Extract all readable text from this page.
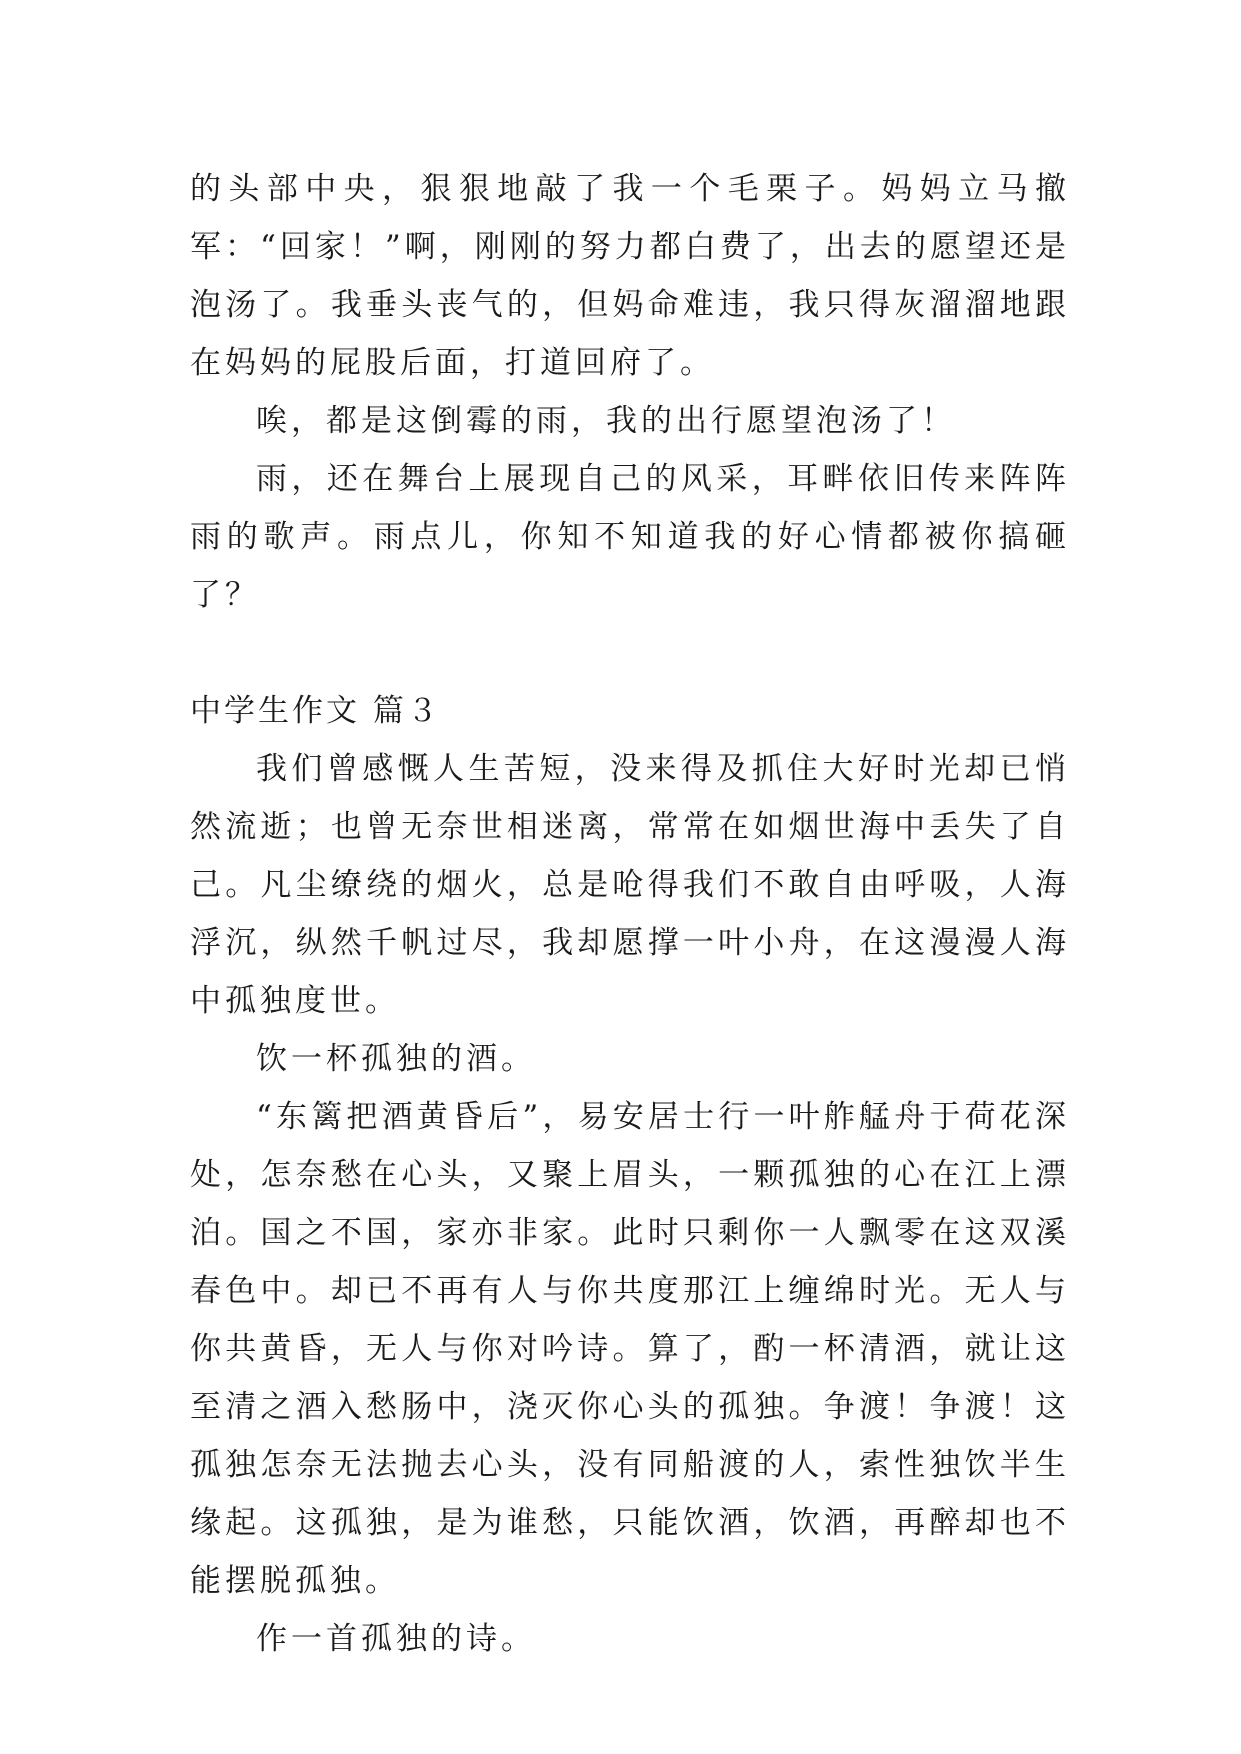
的头部中央，狠狠地敲了我一个毛栗子。妈妈立马撤军：“回家！”啊，刚刚的努力都白费了，出去的愿望还是泡汤了。我垂头丧气的，但妈命难违，我只得灰溜溜地跟在妈妈的屁股后面，打道回府了。

唉，都是这倒霉的雨，我的出行愿望泡汤了！

雨，还在舞台上展现自己的风采，耳畔依旧传来阵阵雨的歌声。雨点儿，你知不知道我的好心情都被你搞砸了？

中学生作文 篇３

我们曾感慨人生苦短，没来得及抓住大好时光却已悄然流逝；也曾无奈世相迷离，常常在如烟世海中丢失了自己。凡尘缭绕的烟火，总是呛得我们不敢自由呼吸，人海浮沉，纵然千帆过尽，我却愿撑一叶小舟，在这漫漫人海中孤独度世。

饮一杯孤独的酒。

“东篱把酒黄昏后”，易安居士行一叶舴艋舟于荷花深处，怎奈愁在心头，又聚上眉头，一颗孤独的心在江上漂泊。国之不国，家亦非家。此时只剩你一人飘零在这双溪春色中。却已不再有人与你共度那江上缠绵时光。无人与你共黄昏，无人与你对吟诗。算了，酌一杯清酒，就让这至清之酒入愁肠中，浇灭你心头的孤独。争渡！争渡！这孤独怎奈无法抛去心头，没有同船渡的人，索性独饮半生缘起。这孤独，是为谁愁，只能饮酒，饮酒，再醉却也不能摆脱孤独。

作一首孤独的诗。
